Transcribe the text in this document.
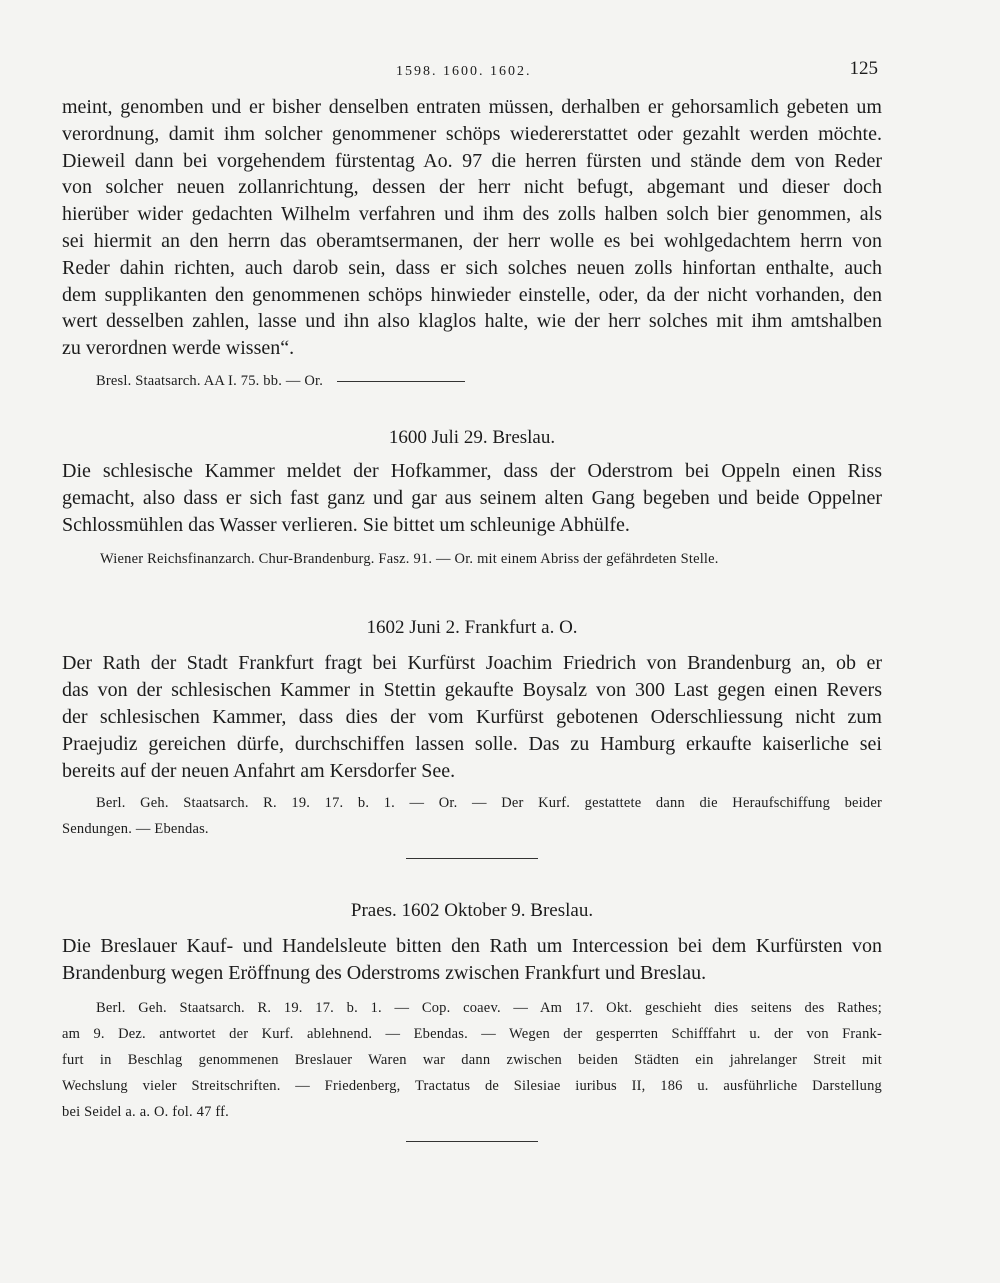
1598. 1600. 1602.	125
meint, genomben und er bisher denselben entraten müssen, derhalben er gehorsamlich gebeten um
verordnung, damit ihm solcher genommener schöps wiedererstattet oder gezahlt werden möchte.
Dieweil dann bei vorgehendem fürstentag Ao. 97 die herren fürsten und stände dem von Reder
von solcher neuen zollanrichtung, dessen der herr nicht befugt, abgemant und dieser doch
hierüber wider gedachten Wilhelm verfahren und ihm des zolls halben solch bier genommen, als
sei hiermit an den herrn das oberamtsermanen, der herr wolle es bei wohlgedachtem herrn von
Reder dahin richten, auch darob sein, dass er sich solches neuen zolls hinfortan enthalte, auch
dem supplikanten den genommenen schöps hinwieder einstelle, oder, da der nicht vorhanden, den
wert desselben zahlen, lasse und ihn also klaglos halte, wie der herr solches mit ihm amtshalben
zu verordnen werde wissen“.
Bresl. Staatsarch. AA I. 75. bb. — Or.
1600 Juli 29. Breslau.
Die schlesische Kammer meldet der Hofkammer, dass der Oderstrom bei Oppeln einen Riss
gemacht, also dass er sich fast ganz und gar aus seinem alten Gang begeben und beide Oppelner
Schlossmühlen das Wasser verlieren. Sie bittet um schleunige Abhülfe.
Wiener Reichsfinanzarch. Chur-Brandenburg. Fasz. 91. — Or. mit einem Abriss der gefährdeten Stelle.
1602 Juni 2. Frankfurt a. O.
Der Rath der Stadt Frankfurt fragt bei Kurfürst Joachim Friedrich von Brandenburg an, ob er
das von der schlesischen Kammer in Stettin gekaufte Boysalz von 300 Last gegen einen Revers
der schlesischen Kammer, dass dies der vom Kurfürst gebotenen Oderschliessung nicht zum
Praejudiz gereichen dürfe, durchschiffen lassen solle. Das zu Hamburg erkaufte kaiserliche sei
bereits auf der neuen Anfahrt am Kersdorfer See.
Berl. Geh. Staatsarch. R. 19. 17. b. 1. — Or. — Der Kurf. gestattete dann die Heraufschiffung beider
Sendungen. — Ebendas.
Praes. 1602 Oktober 9. Breslau.
Die Breslauer Kauf- und Handelsleute bitten den Rath um Intercession bei dem Kurfürsten von
Brandenburg wegen Eröffnung des Oderstroms zwischen Frankfurt und Breslau.
Berl. Geh. Staatsarch. R. 19. 17. b. 1. — Cop. coaev. — Am 17. Okt. geschieht dies seitens des Rathes;
am 9. Dez. antwortet der Kurf. ablehnend. — Ebendas. — Wegen der gesperrten Schifffahrt u. der von Frank-
furt in Beschlag genommenen Breslauer Waren war dann zwischen beiden Städten ein jahrelanger Streit mit
Wechslung vieler Streitschriften. — Friedenberg, Tractatus de Silesiae iuribus II, 186 u. ausführliche Darstellung
bei Seidel a. a. O. fol. 47 ff.
